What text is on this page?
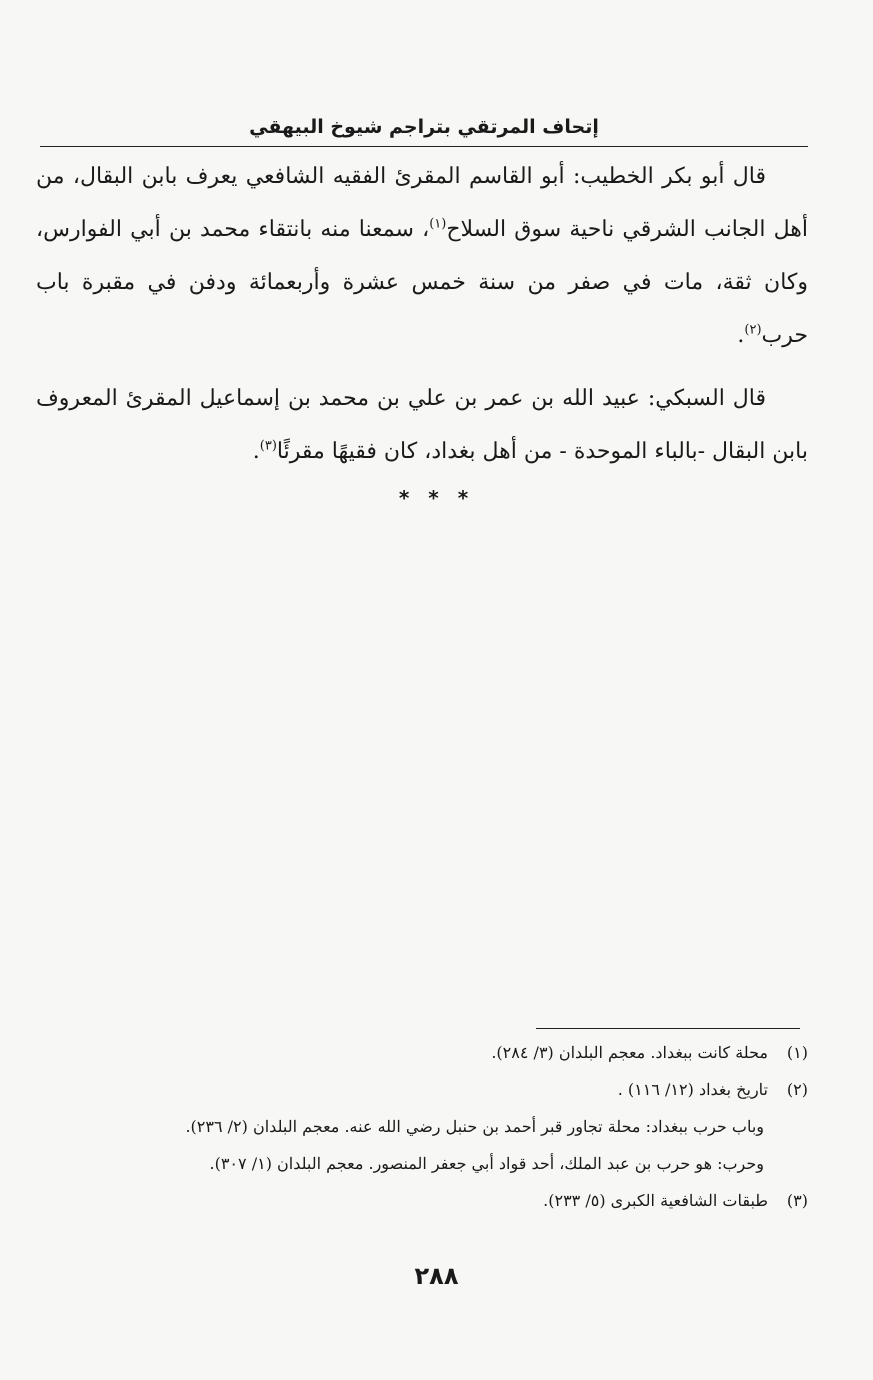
إتحاف المرتقي بتراجم شيوخ البيهقي

قال أبو بكر الخطيب: أبو القاسم المقرئ الفقيه الشافعي يعرف بابن البقال، من أهل الجانب الشرقي ناحية سوق السلاح$^{(١)}$، سمعنا منه بانتقاء محمد بن أبي الفوارس، وكان ثقة، مات في صفر من سنة خمس عشرة وأربعمائة ودفن في مقبرة باب حرب$^{(٢)}$.

قال السبكي: عبيد الله بن عمر بن علي بن محمد بن إسماعيل المقرئ المعروف بابن البقال -بالباء الموحدة - من أهل بغداد، كان فقيهًا مقرئًا$^{(٣)}$.

* * *
(١)محلة كانت ببغداد. معجم البلدان (٣/ ٢٨٤).
(٢)تاريخ بغداد (١٢/ ١١٦) .
وباب حرب ببغداد: محلة تجاور قبر أحمد بن حنبل رضي الله عنه. معجم البلدان (٢/ ٢٣٦).
وحرب: هو حرب بن عبد الملك، أحد قواد أبي جعفر المنصور. معجم البلدان (١/ ٣٠٧).
(٣)طبقات الشافعية الكبرى (٥/ ٢٣٣).
٢٨٨
